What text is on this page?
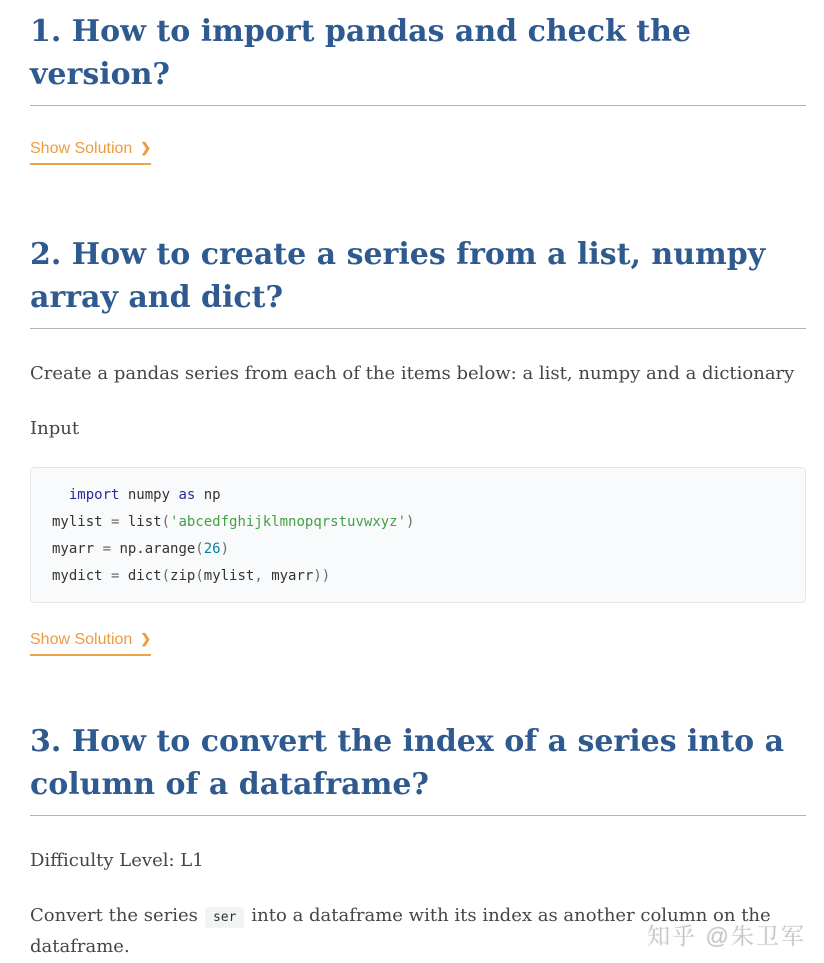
1. How to import pandas and check the
version?
Show Solution ❯
2. How to create a series from a list, numpy
array and dict?

Create a pandas series from each of the items below: a list, numpy and a dictionary

Input

import numpy as np
mylist = list('abcedfghijklmnopqrstuvwxyz')
myarr = np.arange(26)
mydict = dict(zip(mylist, myarr))
Show Solution ❯
3. How to convert the index of a series into a
column of a dataframe?

Difficulty Level: L1

Convert the series ser into a dataframe with its index as another column on the dataframe.	知乎 @朱卫军
